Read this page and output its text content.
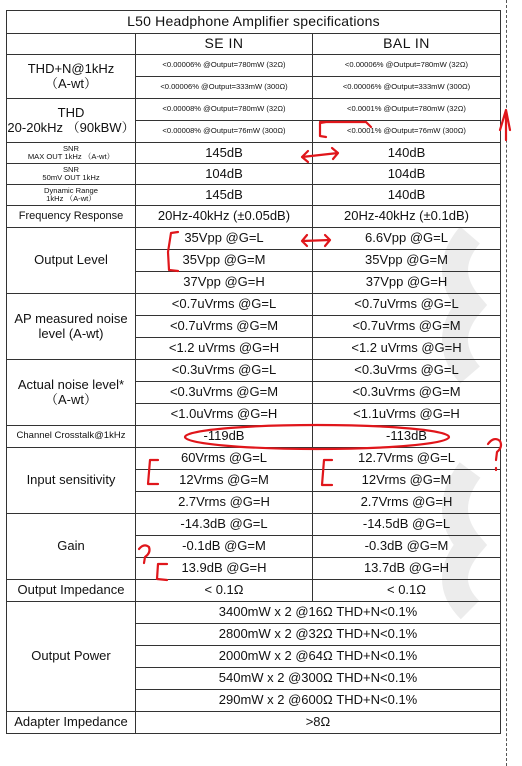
L50 Headphone Amplifier specifications		
	SE IN	BAL IN

THD+N@1kHz
（A-wt）	<0.00006% @Output=780mW (32Ω)	<0.00006% @Output=780mW (32Ω)
	<0.00006% @Output=333mW (300Ω)	<0.00006% @Output=333mW (300Ω)

THD
20-20kHz （90kBW）	<0.00008% @Output=780mW (32Ω)	<0.0001% @Output=780mW (32Ω)
	<0.00008% @Output=76mW (300Ω)	<0.0001% @Output=76mW (300Ω)

SNR
MAX OUT 1kHz （A-wt）	145dB	140dB

SNR
50mV OUT 1kHz	104dB	104dB

Dynamic Range
1kHz （A-wt）	145dB	140dB
Frequency Response	20Hz-40kHz (±0.05dB)	20Hz-40kHz (±0.1dB)
Output Level	35Vpp @G=L	6.6Vpp @G=L
	35Vpp @G=M	35Vpp @G=M
	37Vpp @G=H	37Vpp @G=H

AP measured noise
level (A-wt)	<0.7uVrms @G=L	<0.7uVrms @G=L
	<0.7uVrms @G=M	<0.7uVrms @G=M
	<1.2 uVrms @G=H	<1.2 uVrms @G=H

Actual noise level*
（A-wt）	<0.3uVrms @G=L	<0.3uVrms @G=L
	<0.3uVrms @G=M	<0.3uVrms @G=M
	<1.0uVrms @G=H	<1.1uVrms @G=H
Channel Crosstalk@1kHz	-119dB	-113dB
Input sensitivity	60Vrms @G=L	12.7Vrms @G=L
	12Vrms @G=M	12Vrms @G=M
	2.7Vrms @G=H	2.7Vrms @G=H
Gain	-14.3dB @G=L	-14.5dB @G=L
	-0.1dB @G=M	-0.3dB @G=M
	13.9dB @G=H	13.7dB @G=H
Output Impedance	< 0.1Ω	< 0.1Ω
Output Power	3400mW x 2 @16Ω THD+N<0.1%	
	2800mW x 2 @32Ω THD+N<0.1%	
	2000mW x 2 @64Ω THD+N<0.1%	
	540mW x 2 @300Ω THD+N<0.1%	
	290mW x 2 @600Ω THD+N<0.1%	
Adapter Impedance	>8Ω	
